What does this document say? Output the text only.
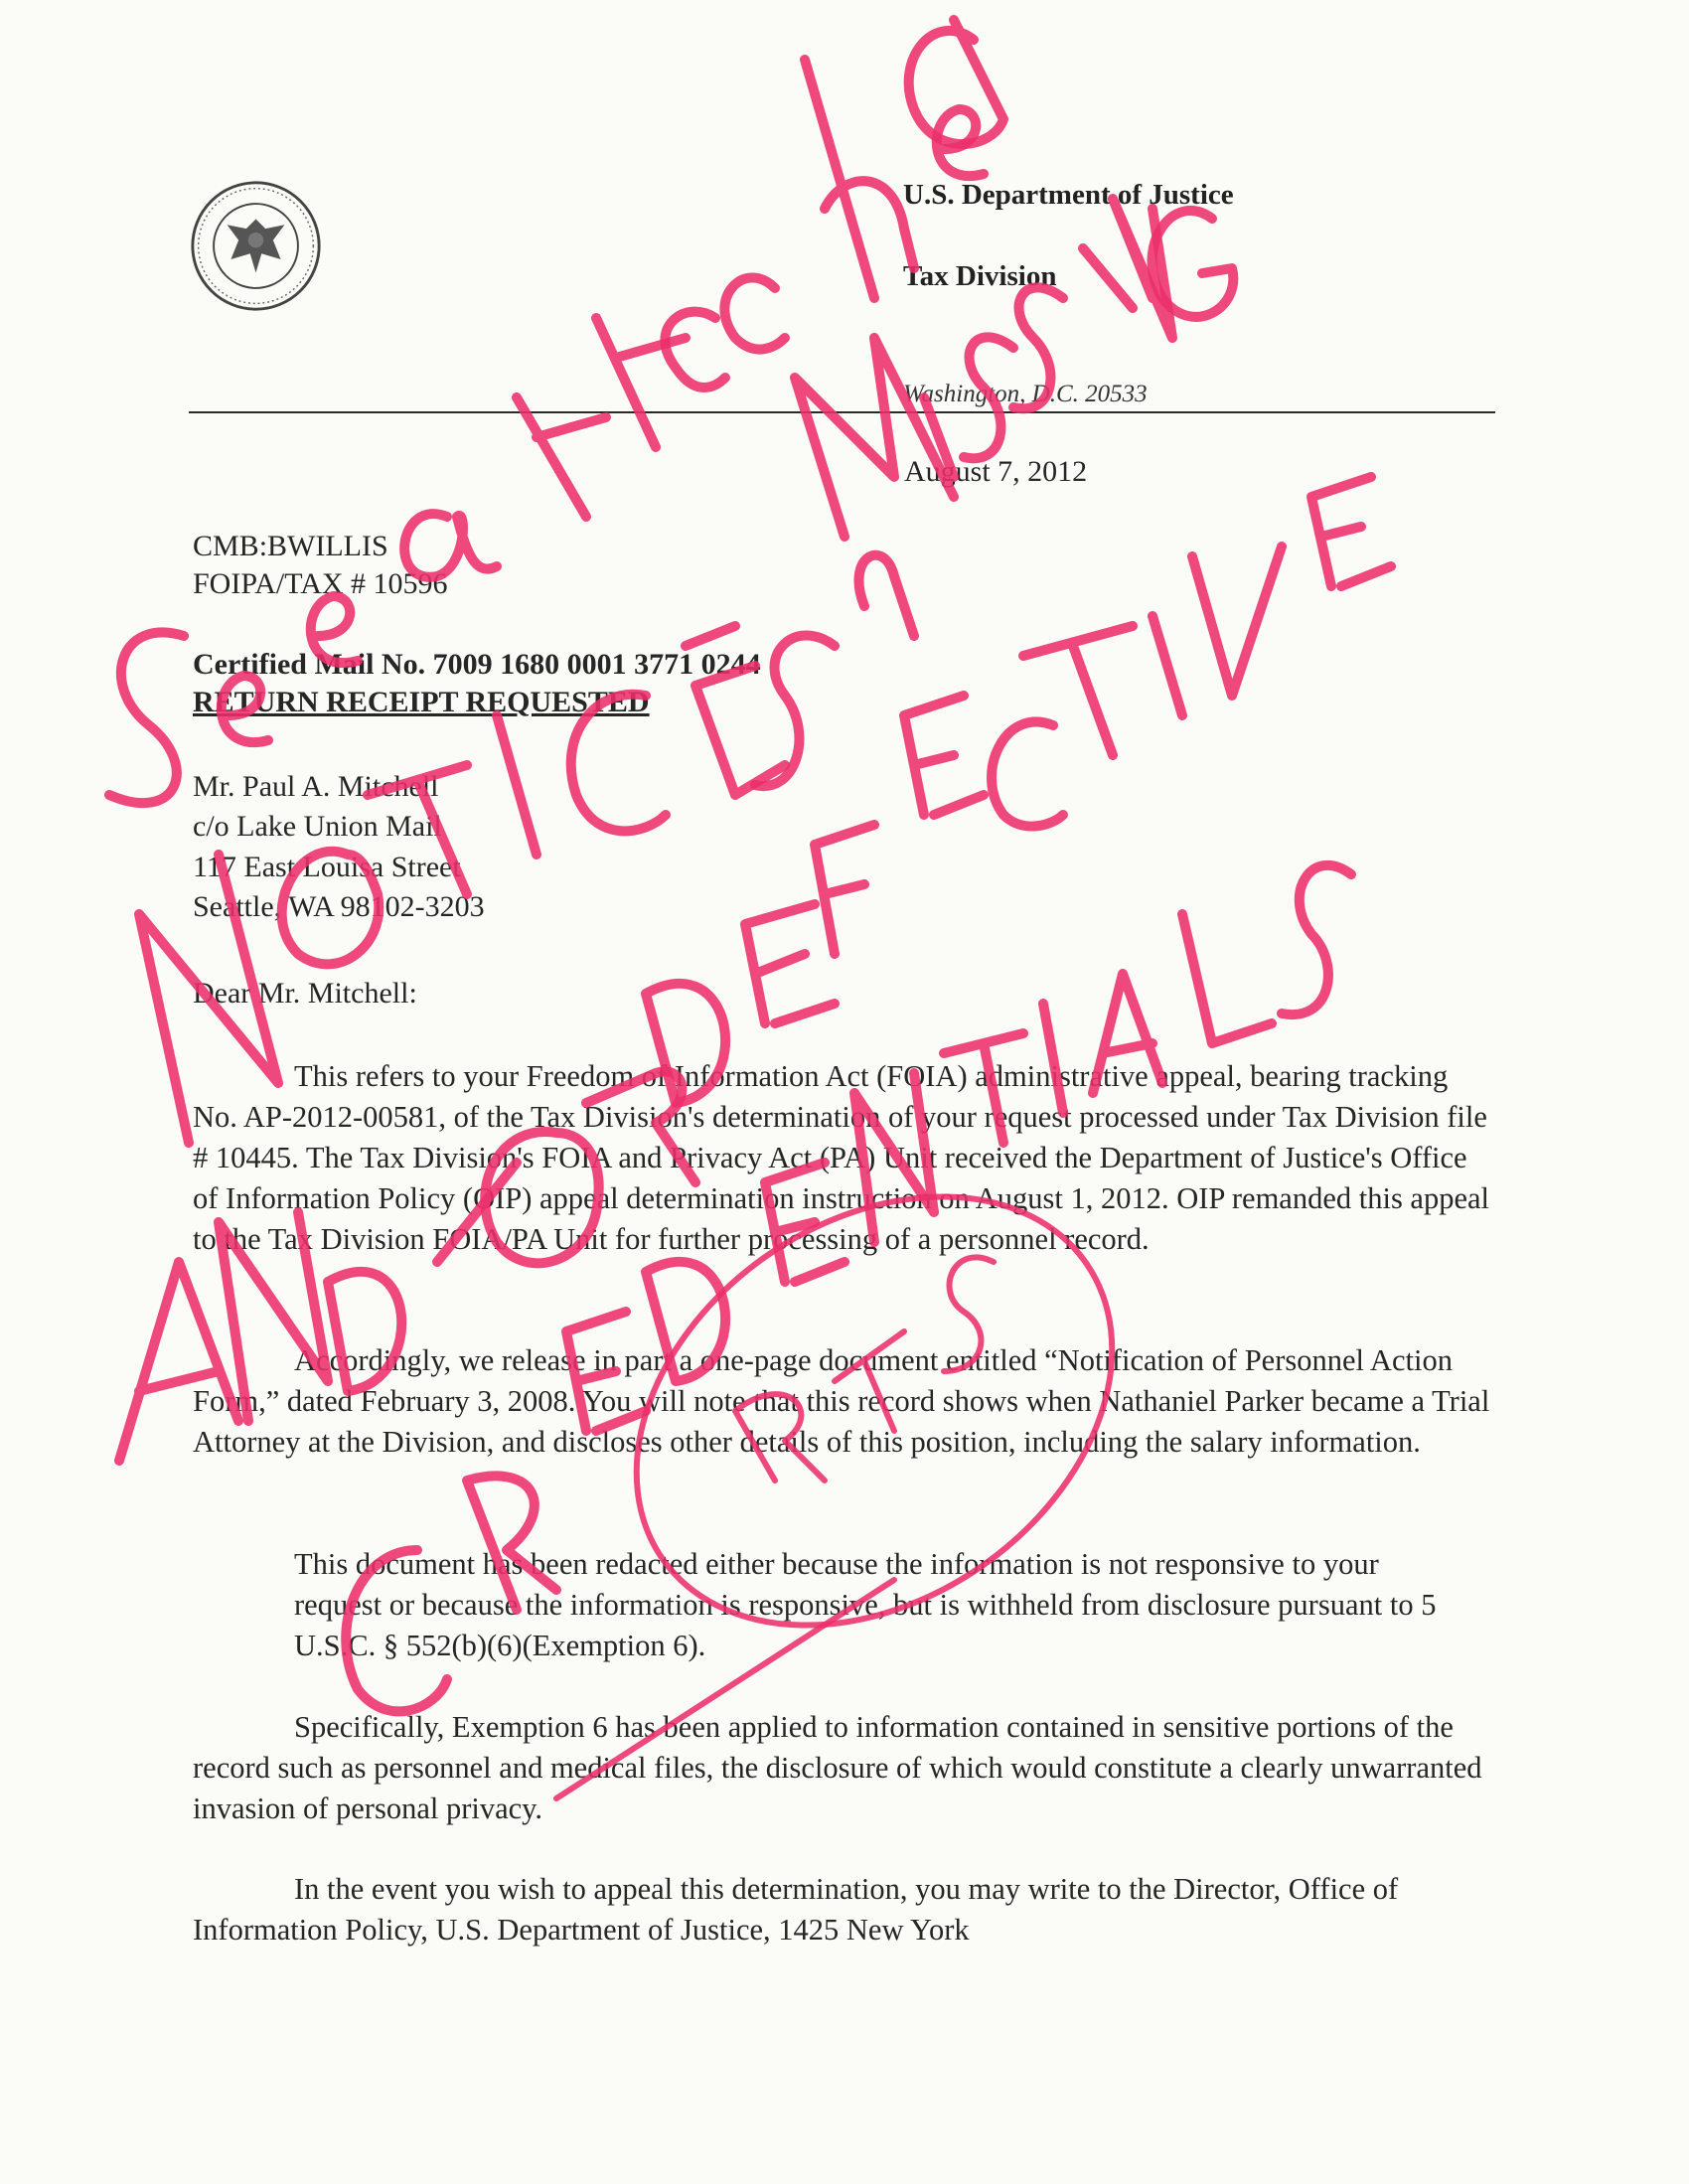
U.S. Department of Justice
Tax Division
Washington, D.C. 20533
August 7, 2012
CMB:BWILLIS
FOIPA/TAX # 10596
Certified Mail No. 7009 1680 0001 3771 0244
RETURN RECEIPT REQUESTED
Mr. Paul A. Mitchell
c/o Lake Union Mail
117 East Louisa Street
Seattle, WA 98102-3203
Dear Mr. Mitchell:

This refers to your Freedom of Information Act (FOIA) administrative appeal, bearing tracking No. AP-2012-00581, of the Tax Division's determination of your request processed under Tax Division file # 10445. The Tax Division's FOIA and Privacy Act (PA) Unit received the Department of Justice's Office of Information Policy (OIP) appeal determination instruction on August 1, 2012. OIP remanded this appeal to the Tax Division FOIA/PA Unit for further processing of a personnel record.

Accordingly, we release in part a one-page document entitled “Notification of Personnel Action Form,” dated February 3, 2008. You will note that this record shows when Nathaniel Parker became a Trial Attorney at the Division, and discloses other details of this position, including the salary information.

This document has been redacted either because the information is not responsive to your request or because the information is responsive, but is withheld from disclosure pursuant to 5 U.S.C. § 552(b)(6)(Exemption 6).

Specifically, Exemption 6 has been applied to information contained in sensitive portions of the record such as personnel and medical files, the disclosure of which would constitute a clearly unwarranted invasion of personal privacy.

In the event you wish to appeal this determination, you may write to the Director, Office of Information Policy, U.S. Department of Justice, 1425 New York
